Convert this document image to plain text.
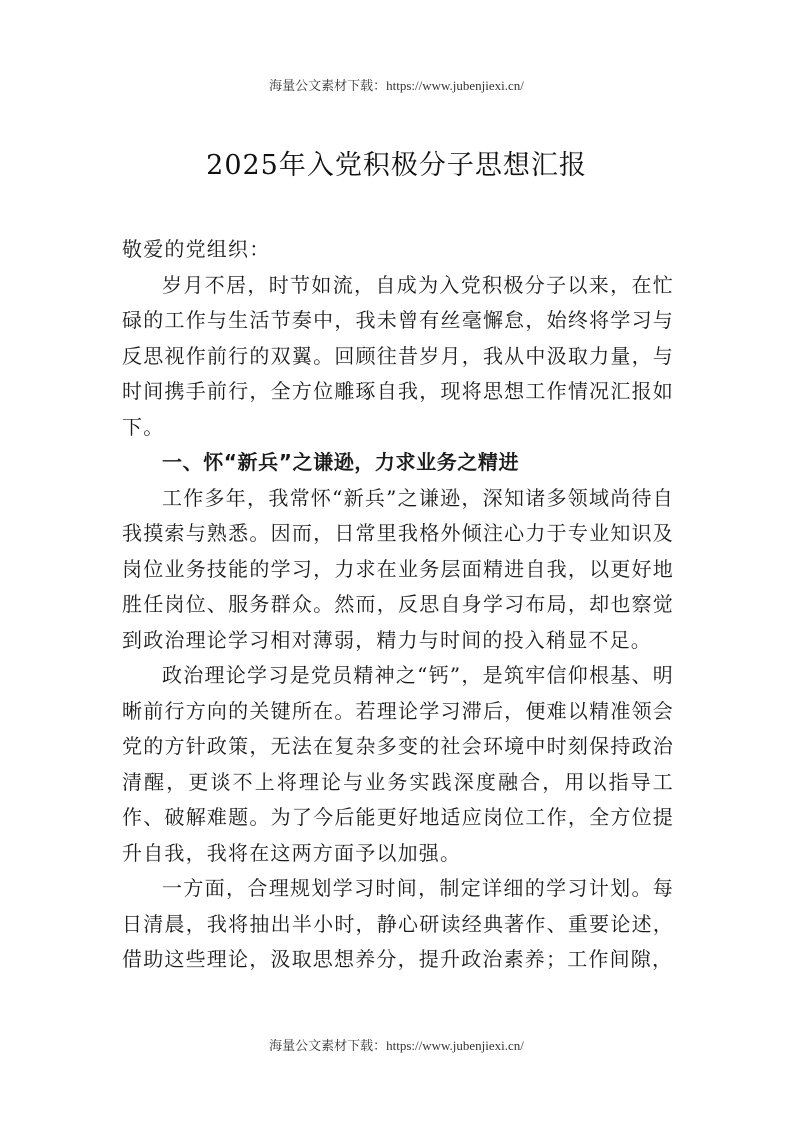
海量公文素材下载：https://www.jubenjiexi.cn/
2025年入党积极分子思想汇报

敬爱的党组织：

岁月不居，时节如流，自成为入党积极分子以来，在忙碌的工作与生活节奏中，我未曾有丝毫懈怠，始终将学习与反思视作前行的双翼。回顾往昔岁月，我从中汲取力量，与时间携手前行，全方位雕琢自我，现将思想工作情况汇报如下。

一、怀“新兵”之谦逊，力求业务之精进

工作多年，我常怀“新兵”之谦逊，深知诸多领域尚待自我摸索与熟悉。因而，日常里我格外倾注心力于专业知识及岗位业务技能的学习，力求在业务层面精进自我，以更好地胜任岗位、服务群众。然而，反思自身学习布局，却也察觉到政治理论学习相对薄弱，精力与时间的投入稍显不足。

政治理论学习是党员精神之“钙”，是筑牢信仰根基、明晰前行方向的关键所在。若理论学习滞后，便难以精准领会党的方针政策，无法在复杂多变的社会环境中时刻保持政治清醒，更谈不上将理论与业务实践深度融合，用以指导工作、破解难题。为了今后能更好地适应岗位工作，全方位提升自我，我将在这两方面予以加强。

一方面，合理规划学习时间，制定详细的学习计划。每日清晨，我将抽出半小时，静心研读经典著作、重要论述，借助这些理论，汲取思想养分，提升政治素养；工作间隙，

海量公文素材下载：https://www.jubenjiexi.cn/
